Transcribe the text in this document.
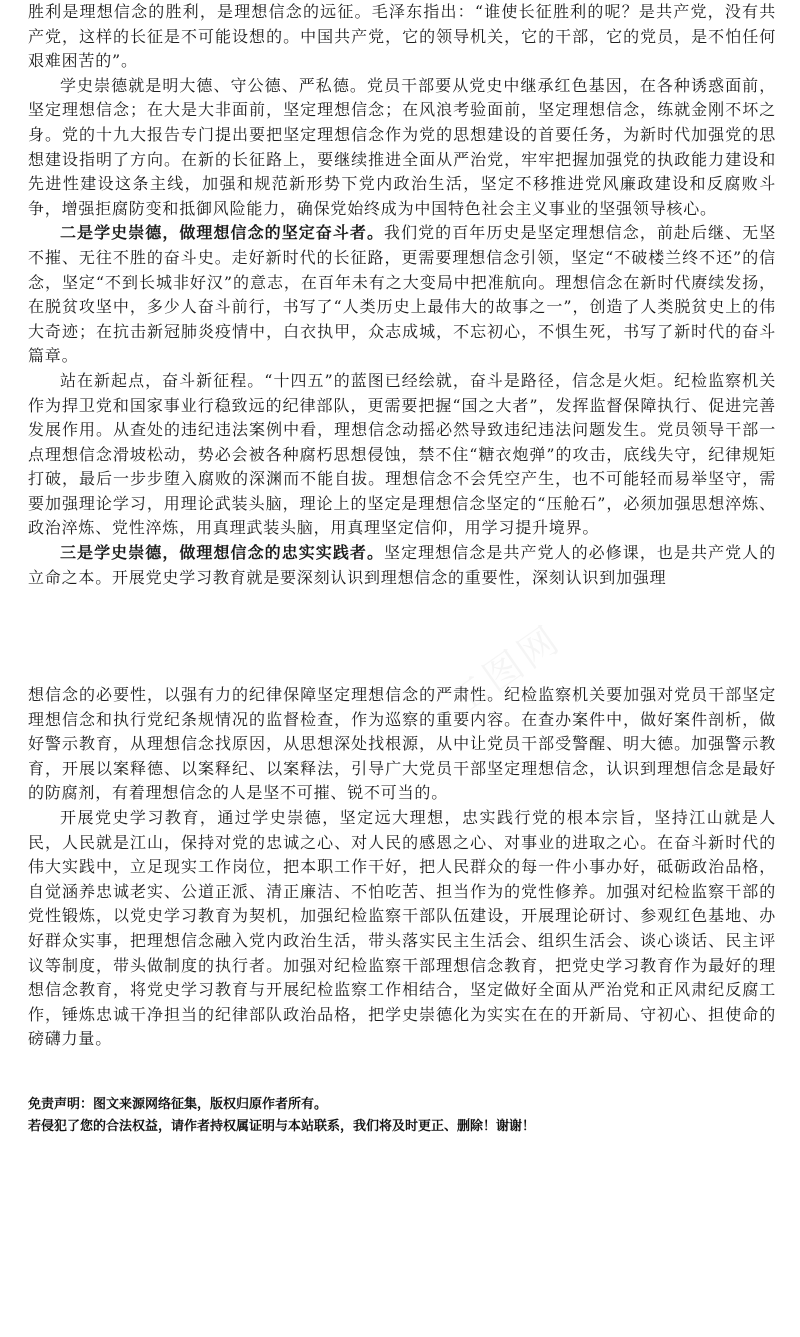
胜利是理想信念的胜利，是理想信念的远征。毛泽东指出：“谁使长征胜利的呢？是共产党，没有共产党，这样的长征是不可能设想的。中国共产党，它的领导机关，它的干部，它的党员，是不怕任何艰难困苦的”。

学史崇德就是明大德、守公德、严私德。党员干部要从党史中继承红色基因，在各种诱惑面前，坚定理想信念；在大是大非面前，坚定理想信念；在风浪考验面前，坚定理想信念，练就金刚不坏之身。党的十九大报告专门提出要把坚定理想信念作为党的思想建设的首要任务，为新时代加强党的思想建设指明了方向。在新的长征路上，要继续推进全面从严治党，牢牢把握加强党的执政能力建设和先进性建设这条主线，加强和规范新形势下党内政治生活，坚定不移推进党风廉政建设和反腐败斗争，增强拒腐防变和抵御风险能力，确保党始终成为中国特色社会主义事业的坚强领导核心。

二是学史崇德，做理想信念的坚定奋斗者。我们党的百年历史是坚定理想信念，前赴后继、无坚不摧、无往不胜的奋斗史。走好新时代的长征路，更需要理想信念引领，坚定“不破楼兰终不还”的信念，坚定“不到长城非好汉”的意志，在百年未有之大变局中把准航向。理想信念在新时代赓续发扬，在脱贫攻坚中，多少人奋斗前行，书写了“人类历史上最伟大的故事之一”，创造了人类脱贫史上的伟大奇迹；在抗击新冠肺炎疫情中，白衣执甲，众志成城，不忘初心，不惧生死，书写了新时代的奋斗篇章。

站在新起点，奋斗新征程。“十四五”的蓝图已经绘就，奋斗是路径，信念是火炬。纪检监察机关作为捍卫党和国家事业行稳致远的纪律部队，更需要把握“国之大者”，发挥监督保障执行、促进完善发展作用。从查处的违纪违法案例中看，理想信念动摇必然导致违纪违法问题发生。党员领导干部一点理想信念滑坡松动，势必会被各种腐朽思想侵蚀，禁不住“糖衣炮弹”的攻击，底线失守，纪律规矩打破，最后一步步堕入腐败的深渊而不能自拔。理想信念不会凭空产生，也不可能轻而易举坚守，需要加强理论学习，用理论武装头脑，理论上的坚定是理想信念坚定的“压舱石”，必须加强思想淬炼、政治淬炼、党性淬炼，用真理武装头脑，用真理坚定信仰，用学习提升境界。

三是学史崇德，做理想信念的忠实实践者。坚定理想信念是共产党人的必修课，也是共产党人的立命之本。开展党史学习教育就是要深刻认识到理想信念的重要性，深刻认识到加强理

工图网

想信念的必要性，以强有力的纪律保障坚定理想信念的严肃性。纪检监察机关要加强对党员干部坚定理想信念和执行党纪条规情况的监督检查，作为巡察的重要内容。在查办案件中，做好案件剖析，做好警示教育，从理想信念找原因，从思想深处找根源，从中让党员干部受警醒、明大德。加强警示教育，开展以案释德、以案释纪、以案释法，引导广大党员干部坚定理想信念，认识到理想信念是最好的防腐剂，有着理想信念的人是坚不可摧、锐不可当的。

开展党史学习教育，通过学史崇德，坚定远大理想，忠实践行党的根本宗旨，坚持江山就是人民，人民就是江山，保持对党的忠诚之心、对人民的感恩之心、对事业的进取之心。在奋斗新时代的伟大实践中，立足现实工作岗位，把本职工作干好，把人民群众的每一件小事办好，砥砺政治品格，自觉涵养忠诚老实、公道正派、清正廉洁、不怕吃苦、担当作为的党性修养。加强对纪检监察干部的党性锻炼，以党史学习教育为契机，加强纪检监察干部队伍建设，开展理论研讨、参观红色基地、办好群众实事，把理想信念融入党内政治生活，带头落实民主生活会、组织生活会、谈心谈话、民主评议等制度，带头做制度的执行者。加强对纪检监察干部理想信念教育，把党史学习教育作为最好的理想信念教育，将党史学习教育与开展纪检监察工作相结合，坚定做好全面从严治党和正风肃纪反腐工作，锤炼忠诚干净担当的纪律部队政治品格，把学史崇德化为实实在在的开新局、守初心、担使命的磅礴力量。

免责声明：图文来源网络征集，版权归原作者所有。
若侵犯了您的合法权益，请作者持权属证明与本站联系，我们将及时更正、删除！谢谢！
